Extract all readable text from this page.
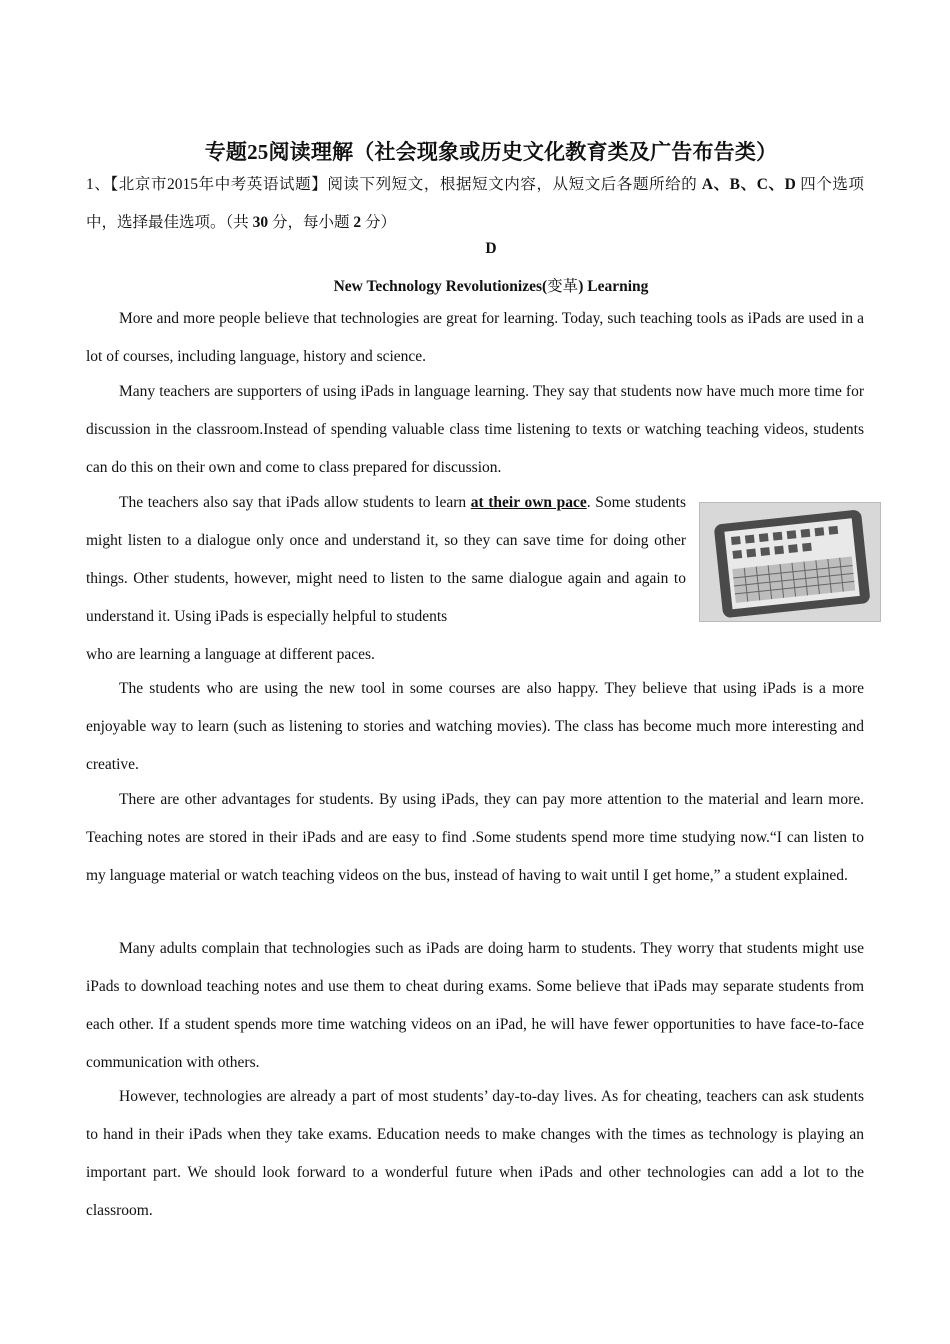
专题25阅读理解（社会现象或历史文化教育类及广告布告类）
1、【北京市2015年中考英语试题】阅读下列短文，根据短文内容，从短文后各题所给的 A、B、C、D 四个选项中，选择最佳选项。（共 30 分，每小题 2 分）
D
New Technology Revolutionizes(变革) Learning

More and more people believe that technologies are great for learning. Today, such teaching tools as iPads are used in a lot of courses, including language, history and science.

Many teachers are supporters of using iPads in language learning. They say that students now have much more time for discussion in the classroom.Instead of spending valuable class time listening to texts or watching teaching videos, students can do this on their own and come to class prepared for discussion.

The teachers also say that iPads allow students to learn at their own pace. Some students might listen to a dialogue only once and understand it, so they can save time for doing other things. Other students, however, might need to listen to the same dialogue again and again to understand it. Using iPads is especially helpful to students

who are learning a language at different paces.

The students who are using the new tool in some courses are also happy. They believe that using iPads is a more enjoyable way to learn (such as listening to stories and watching movies). The class has become much more interesting and creative.

There are other advantages for students. By using iPads, they can pay more attention to the material and learn more. Teaching notes are stored in their iPads and are easy to find .Some students spend more time studying now.“I can listen to my language material or watch teaching videos on the bus, instead of having to wait until I get home,” a student explained.

Many adults complain that technologies such as iPads are doing harm to students. They worry that students might use iPads to download teaching notes and use them to cheat during exams. Some believe that iPads may separate students from each other. If a student spends more time watching videos on an iPad, he will have fewer opportunities to have face-to-face communication with others.

However, technologies are already a part of most students’ day-to-day lives. As for cheating, teachers can ask students to hand in their iPads when they take exams. Education needs to make changes with the times as technology is playing an important part. We should look forward to a wonderful future when iPads and other technologies can add a lot to the classroom.
